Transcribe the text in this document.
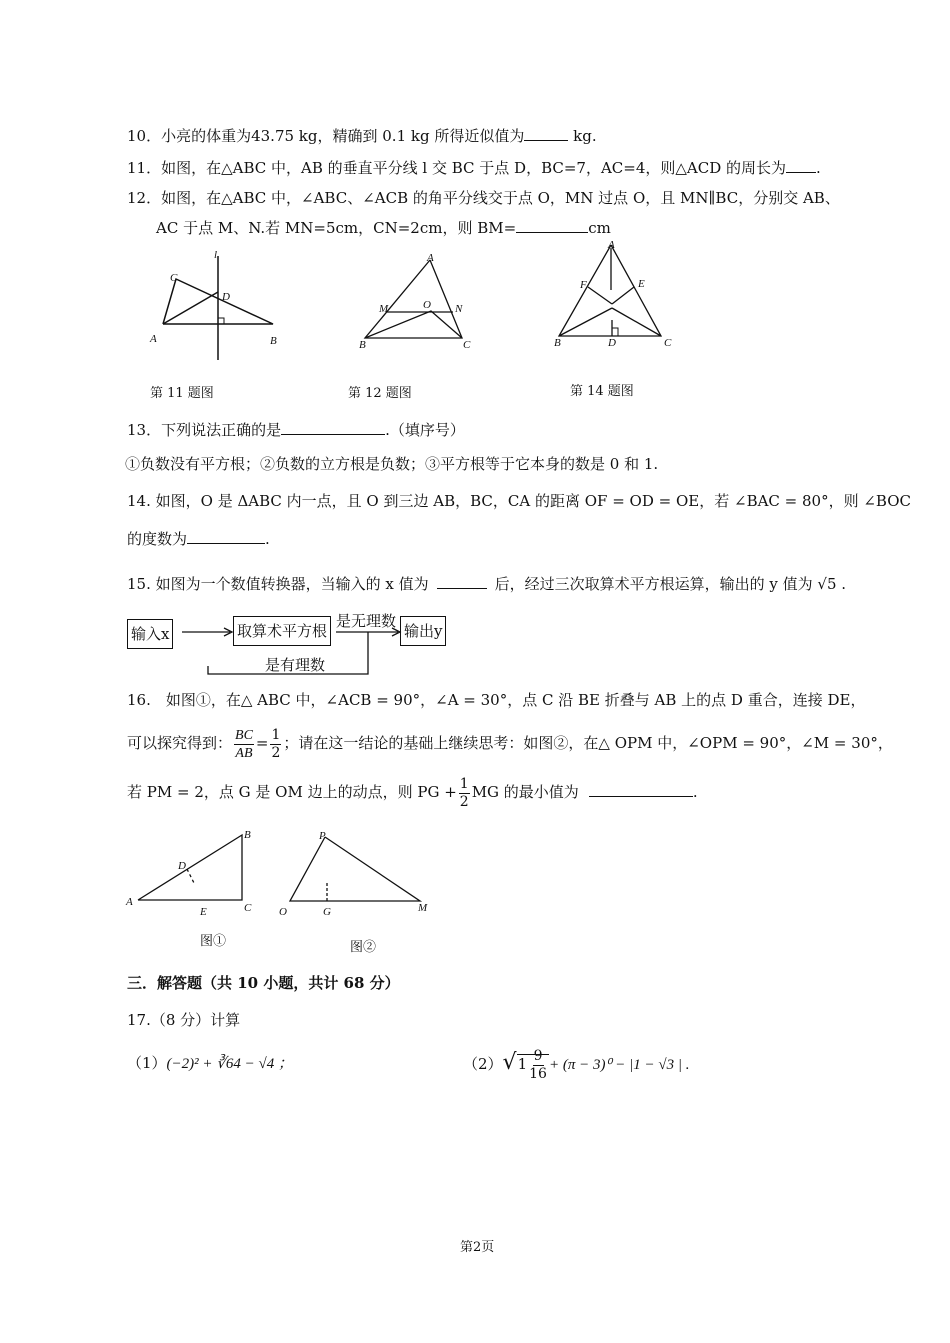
10．小亮的体重为43.75 kg，精确到 0.1 kg 所得近似值为	kg.
11．如图，在△ABC 中，AB 的垂直平分线 l 交 BC 于点 D，BC=7，AC=4，则△ACD 的周长为 .
12．如图，在△ABC 中，∠ABC、∠ACB 的角平分线交于点 O，MN 过点 O，且 MN∥BC，分别交 AB、
AC 于点 M、N.若 MN=5cm，CN=2cm，则 BM=	cm
l
C
D
A	B
第 11 题图
A
M	O N
B	C
第 12 题图
A
F	E
B	D	C
第 14 题图
13．下列说法正确的是	.（填序号）
①负数没有平方根；②负数的立方根是负数；③平方根等于它本身的数是 0 和 1.
14. 如图，O 是 ΔABC 内一点，且 O 到三边 AB，BC，CA 的距离 OF = OD = OE，若 ∠BAC = 80°，则 ∠BOC
的度数为	.
15. 如图为一个数值转换器，当输入的 x 值为	后，经过三次取算术平方根运算，输出的 y 值为 √5 .
输入x	取算术平方根	输出y
是无理数
是有理数
16.　如图①，在△ ABC 中，∠ACB = 90°，∠A = 30°，点 C 沿 BE 折叠与 AB 上的点 D 重合，连接 DE，
可以探究得到： $\frac{BC}{AB} = \frac{1}{2}$ ；请在这一结论的基础上继续思考：如图②，在△ OPM 中，∠OPM = 90°，∠M = 30°，
若 PM = 2，点 G 是 OM 边上的动点，则 PG + $\frac{1}{2}$ MG 的最小值为	.
B
D
A
E	C
图①
P
O	G	M
图②
三．解答题（共 10 小题，共计 68 分）
17.（8 分）计算
（1）(−2)² + ∛64 − √4 ；	$(2)√1 \frac{9}{16} + (\pi - 3)^0 - |1 - √3$ | .
第2页
